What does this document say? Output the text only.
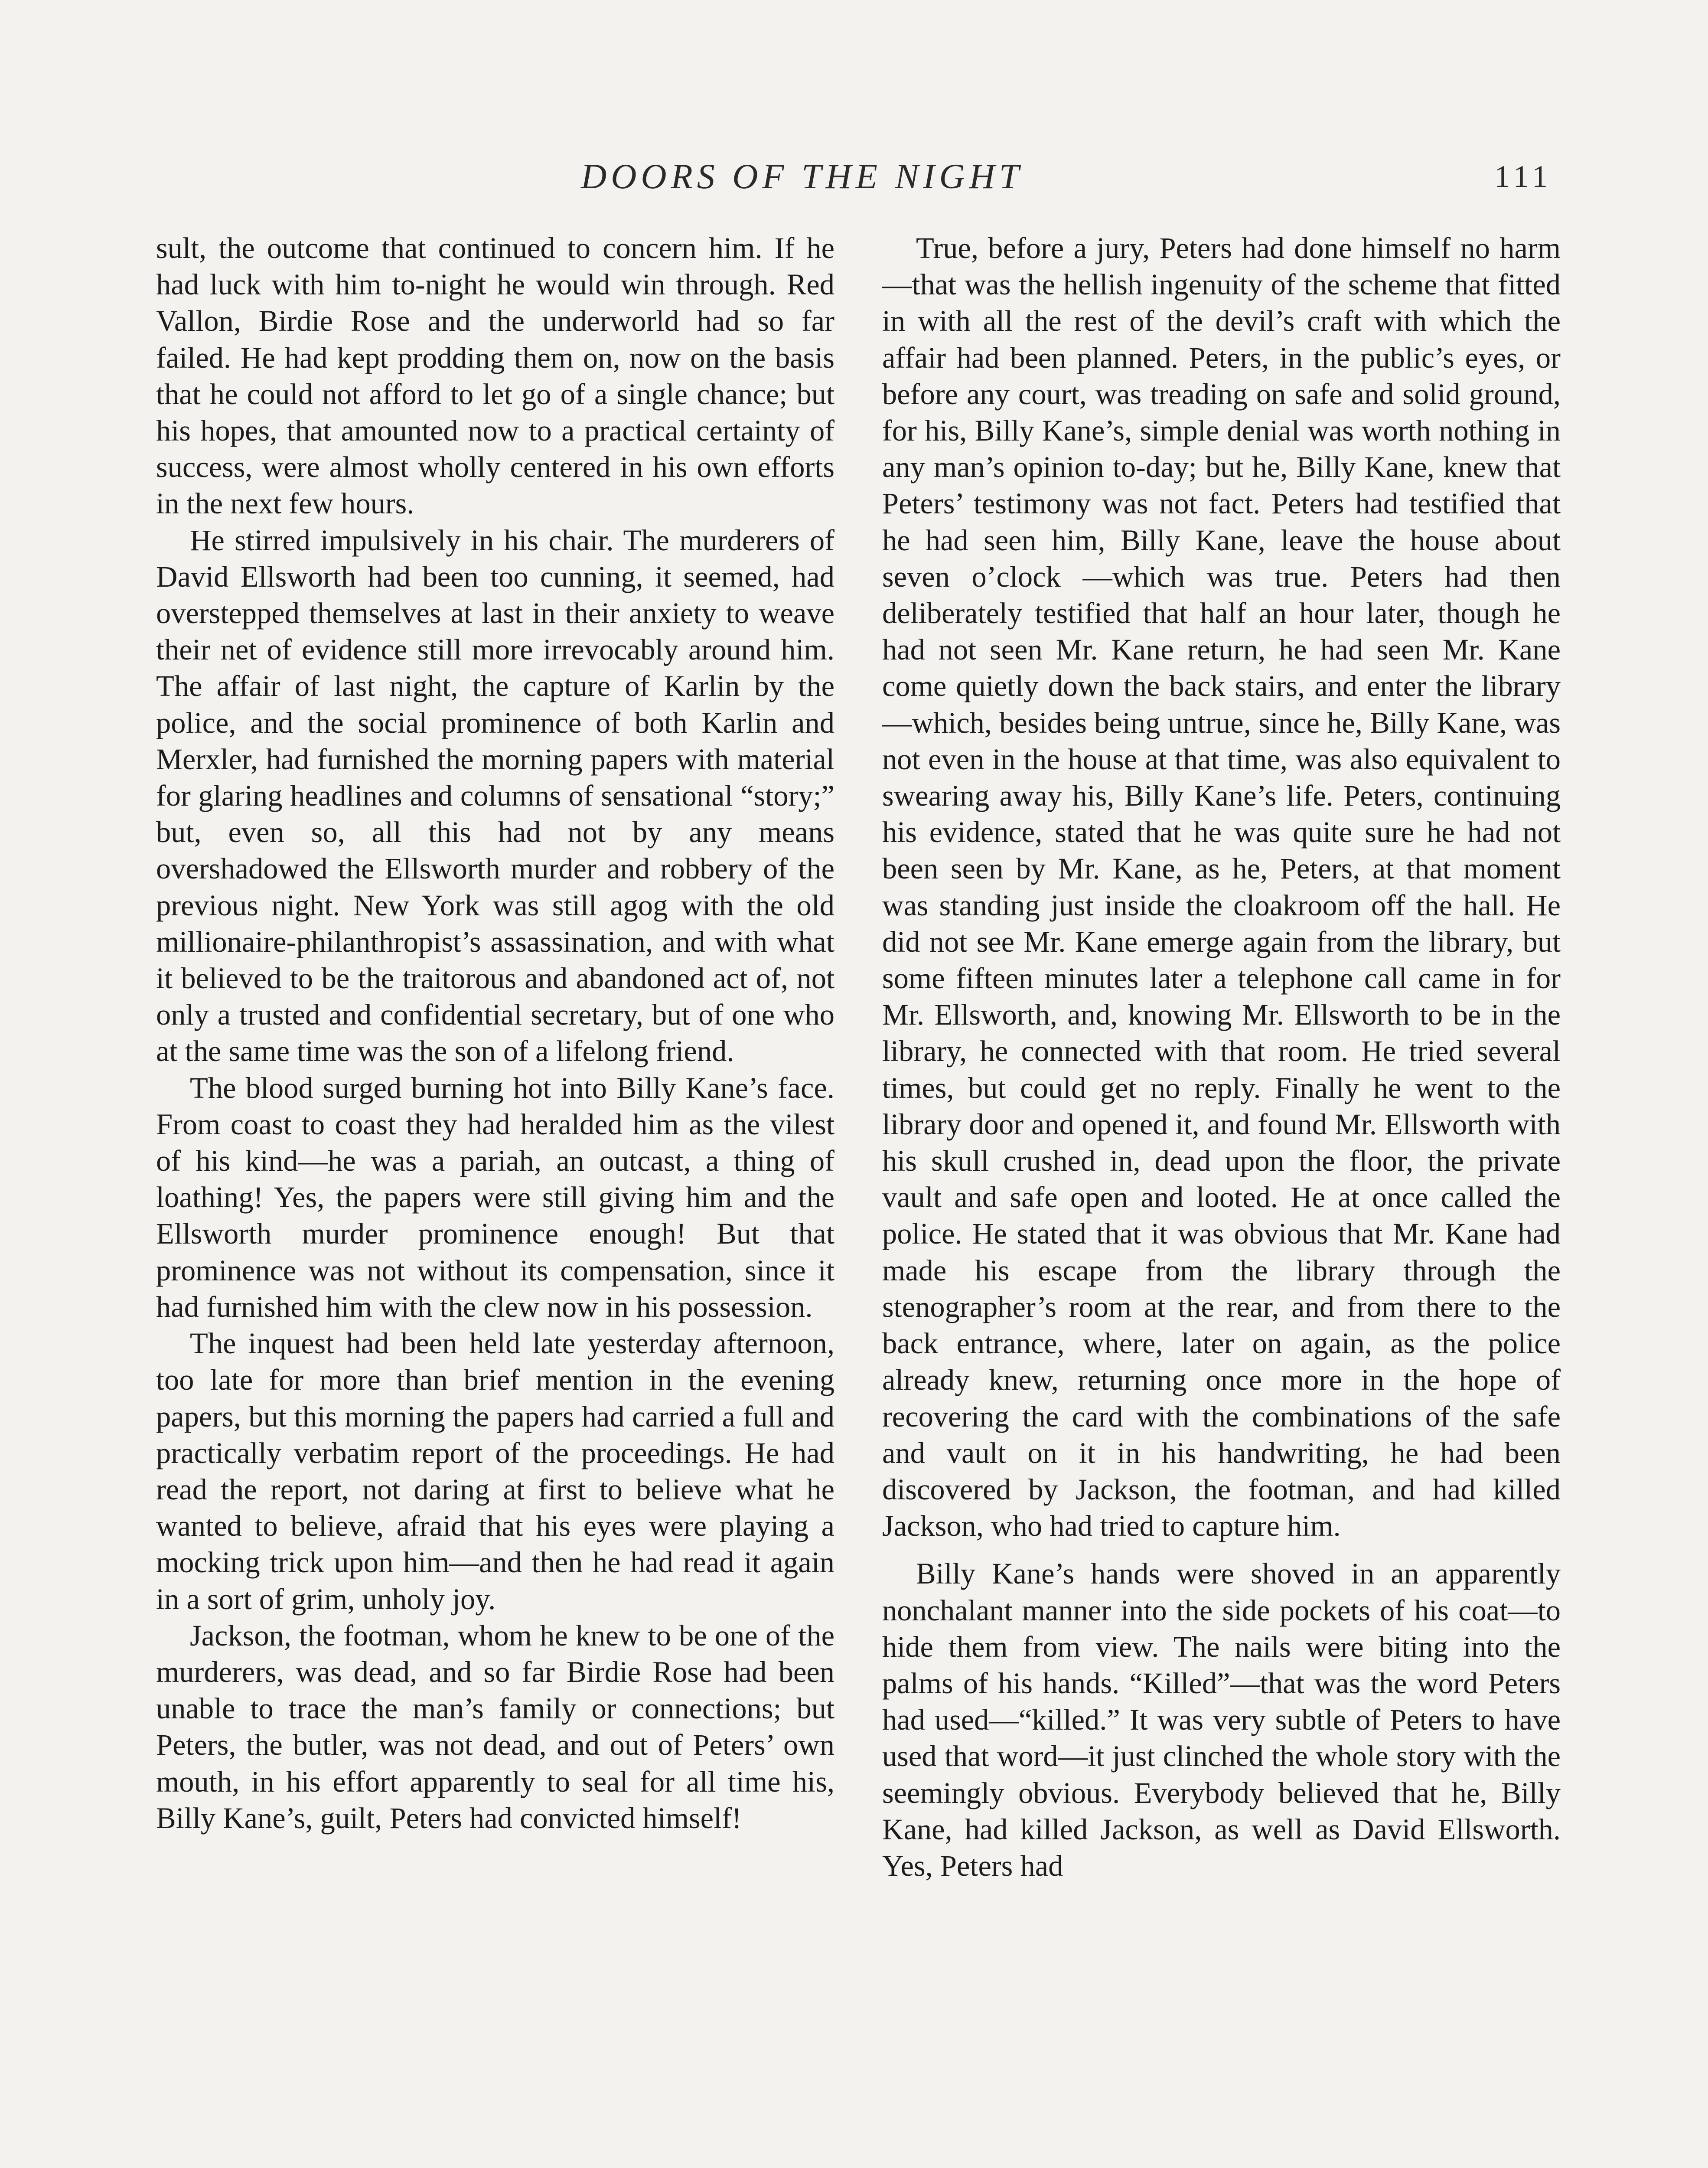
DOORS OF THE NIGHT	111

sult, the outcome that continued to concern him. If he had luck with him to-night he would win through. Red Vallon, Birdie Rose and the underworld had so far failed. He had kept prodding them on, now on the basis that he could not afford to let go of a single chance; but his hopes, that amounted now to a practical certainty of success, were almost wholly centered in his own efforts in the next few hours.

He stirred impulsively in his chair. The murderers of David Ellsworth had been too cunning, it seemed, had overstepped themselves at last in their anxiety to weave their net of evidence still more irrevocably around him. The affair of last night, the capture of Karlin by the police, and the social prominence of both Karlin and Merxler, had furnished the morning papers with material for glaring headlines and columns of sensational “story;” but, even so, all this had not by any means overshadowed the Ellsworth murder and robbery of the previous night. New York was still agog with the old millionaire-philanthropist’s assassination, and with what it believed to be the traitorous and abandoned act of, not only a trusted and confidential secretary, but of one who at the same time was the son of a lifelong friend.

The blood surged burning hot into Billy Kane’s face. From coast to coast they had heralded him as the vilest of his kind—he was a pariah, an outcast, a thing of loathing! Yes, the papers were still giving him and the Ellsworth murder prominence enough! But that prominence was not without its compensation, since it had furnished him with the clew now in his possession.

The inquest had been held late yesterday afternoon, too late for more than brief mention in the evening papers, but this morning the papers had carried a full and practically verbatim report of the proceedings. He had read the report, not daring at first to believe what he wanted to believe, afraid that his eyes were playing a mocking trick upon him—and then he had read it again in a sort of grim, unholy joy.

Jackson, the footman, whom he knew to be one of the murderers, was dead, and so far Birdie Rose had been unable to trace the man’s family or connections; but Peters, the butler, was not dead, and out of Peters’ own mouth, in his effort apparently to seal for all time his, Billy Kane’s, guilt, Peters had convicted himself!

True, before a jury, Peters had done himself no harm—that was the hellish ingenuity of the scheme that fitted in with all the rest of the devil’s craft with which the affair had been planned. Peters, in the public’s eyes, or before any court, was treading on safe and solid ground, for his, Billy Kane’s, simple denial was worth nothing in any man’s opinion to-day; but he, Billy Kane, knew that Peters’ testimony was not fact. Peters had testified that he had seen him, Billy Kane, leave the house about seven o’clock —which was true. Peters had then deliberately testified that half an hour later, though he had not seen Mr. Kane return, he had seen Mr. Kane come quietly down the back stairs, and enter the library—which, besides being untrue, since he, Billy Kane, was not even in the house at that time, was also equivalent to swearing away his, Billy Kane’s life. Peters, continuing his evidence, stated that he was quite sure he had not been seen by Mr. Kane, as he, Peters, at that moment was standing just inside the cloakroom off the hall. He did not see Mr. Kane emerge again from the library, but some fifteen minutes later a telephone call came in for Mr. Ellsworth, and, knowing Mr. Ellsworth to be in the library, he connected with that room. He tried several times, but could get no reply. Finally he went to the library door and opened it, and found Mr. Ellsworth with his skull crushed in, dead upon the floor, the private vault and safe open and looted. He at once called the police. He stated that it was obvious that Mr. Kane had made his escape from the library through the stenographer’s room at the rear, and from there to the back entrance, where, later on again, as the police already knew, returning once more in the hope of recovering the card with the combinations of the safe and vault on it in his handwriting, he had been discovered by Jackson, the footman, and had killed Jackson, who had tried to capture him.

Billy Kane’s hands were shoved in an apparently nonchalant manner into the side pockets of his coat—to hide them from view. The nails were biting into the palms of his hands. “Killed”—that was the word Peters had used—“killed.” It was very subtle of Peters to have used that word—it just clinched the whole story with the seemingly obvious. Everybody believed that he, Billy Kane, had killed Jackson, as well as David Ellsworth. Yes, Peters had
